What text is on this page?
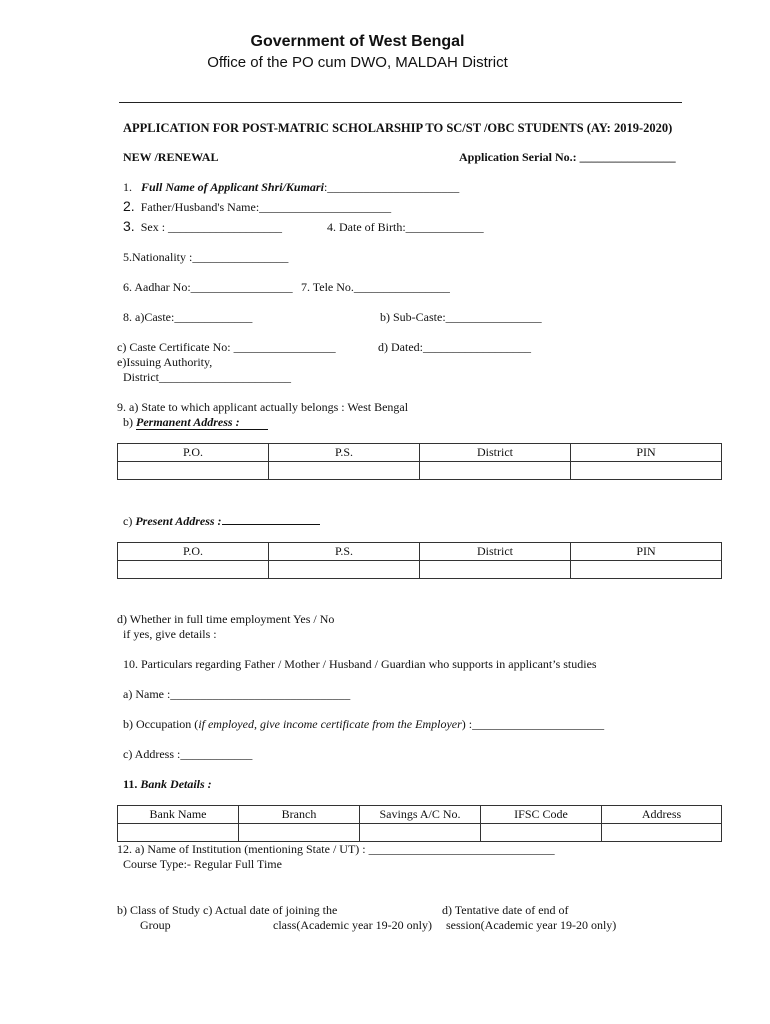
Government of West Bengal
Office of the PO cum DWO, MALDAH District
APPLICATION FOR POST-MATRIC SCHOLARSHIP TO SC/ST /OBC STUDENTS (AY: 2019-2020)
NEW /RENEWAL	Application Serial No.: ________________
1. Full Name of Applicant Shri/Kumari:______________________
2. Father/Husband's Name:______________________
3. Sex : ___________________	4. Date of Birth:_____________
5.Nationality :________________
6. Aadhar No:_________________ 7. Tele No.________________
8. a)Caste:_____________	b) Sub-Caste:________________
c) Caste Certificate No: _________________	d) Dated:__________________
e)Issuing Authority,
District______________________
9. a) State to which applicant actually belongs : West Bengal
b) Permanent Address :
P.O.	P.S.	District	PIN

c) Present Address :
P.O.	P.S.	District	PIN

d) Whether in full time employment Yes / No
if yes, give details :
10. Particulars regarding Father / Mother / Husband / Guardian who supports in applicant’s studies
a) Name :______________________________
b) Occupation (if employed, give income certificate from the Employer) :______________________
c) Address :____________
11. Bank Details :
Bank Name	Branch	Savings A/C No.	IFSC Code	Address

12. a) Name of Institution (mentioning State / UT) : _______________________________
Course Type:- Regular Full Time
b) Class of Study c) Actual date of joining the
Group	class(Academic year 19-20 only)
d) Tentative date of end of
session(Academic year 19-20 only)
